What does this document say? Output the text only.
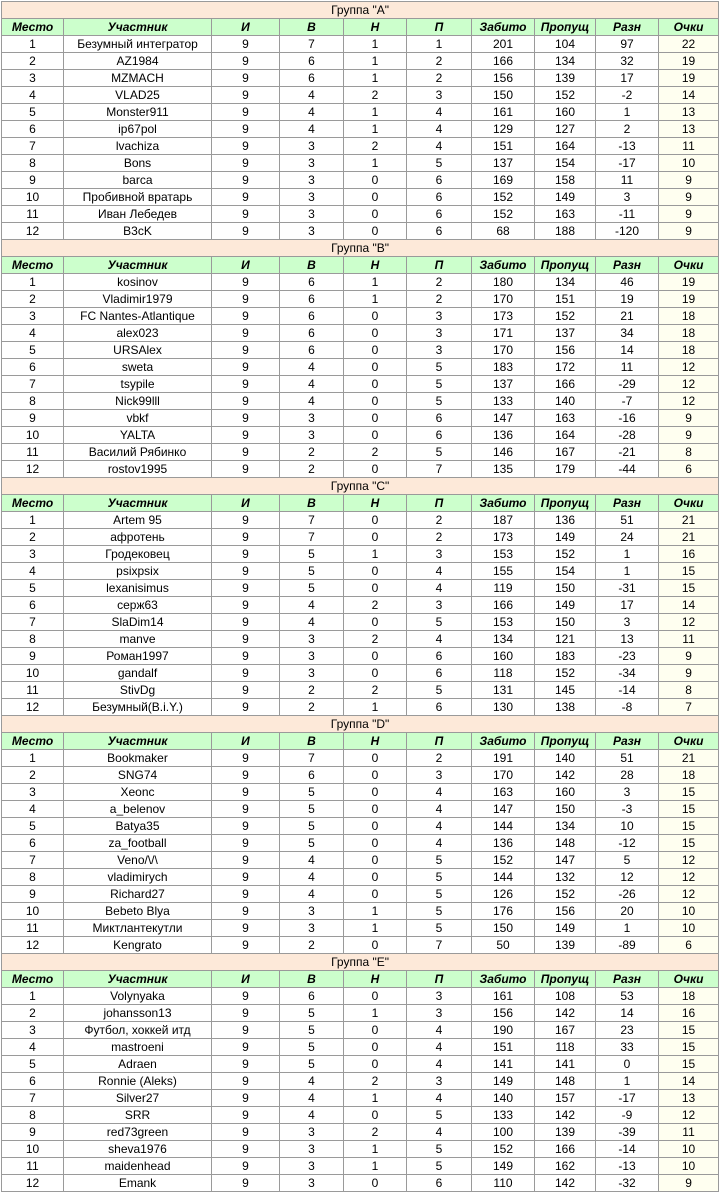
Группа "A"									
Место	Участник	И	В	Н	П	Забито	Пропущ	Разн	Очки
1	Безумный интегратор	9	7	1	1	201	104	97	22
2	AZ1984	9	6	1	2	166	134	32	19
3	MZMACH	9	6	1	2	156	139	17	19
4	VLAD25	9	4	2	3	150	152	-2	14
5	Monster911	9	4	1	4	161	160	1	13
6	ip67pol	9	4	1	4	129	127	2	13
7	lvachiza	9	3	2	4	151	164	-13	11
8	Bons	9	3	1	5	137	154	-17	10
9	barca	9	3	0	6	169	158	11	9
10	Пробивной вратарь	9	3	0	6	152	149	3	9
11	Иван Лебедев	9	3	0	6	152	163	-11	9
12	B3cK	9	3	0	6	68	188	-120	9
Группа "B"									
Место	Участник	И	В	Н	П	Забито	Пропущ	Разн	Очки
1	kosinov	9	6	1	2	180	134	46	19
2	Vladimir1979	9	6	1	2	170	151	19	19
3	FC Nantes-Atlantique	9	6	0	3	173	152	21	18
4	alex023	9	6	0	3	171	137	34	18
5	URSAlex	9	6	0	3	170	156	14	18
6	sweta	9	4	0	5	183	172	11	12
7	tsypile	9	4	0	5	137	166	-29	12
8	Nick99lll	9	4	0	5	133	140	-7	12
9	vbkf	9	3	0	6	147	163	-16	9
10	YALTA	9	3	0	6	136	164	-28	9
11	Василий Рябинко	9	2	2	5	146	167	-21	8
12	rostov1995	9	2	0	7	135	179	-44	6
Группа "C"									
Место	Участник	И	В	Н	П	Забито	Пропущ	Разн	Очки
1	Artem 95	9	7	0	2	187	136	51	21
2	афротень	9	7	0	2	173	149	24	21
3	Гродековец	9	5	1	3	153	152	1	16
4	psixpsix	9	5	0	4	155	154	1	15
5	lexanisimus	9	5	0	4	119	150	-31	15
6	серж63	9	4	2	3	166	149	17	14
7	SlaDim14	9	4	0	5	153	150	3	12
8	manve	9	3	2	4	134	121	13	11
9	Роман1997	9	3	0	6	160	183	-23	9
10	gandalf	9	3	0	6	118	152	-34	9
11	StivDg	9	2	2	5	131	145	-14	8
12	Безумный(B.i.Y.)	9	2	1	6	130	138	-8	7
Группа "D"									
Место	Участник	И	В	Н	П	Забито	Пропущ	Разн	Очки
1	Bookmaker	9	7	0	2	191	140	51	21
2	SNG74	9	6	0	3	170	142	28	18
3	Xeonc	9	5	0	4	163	160	3	15
4	a_belenov	9	5	0	4	147	150	-3	15
5	Batya35	9	5	0	4	144	134	10	15
6	za_football	9	5	0	4	136	148	-12	15
7	Veno/\/\	9	4	0	5	152	147	5	12
8	vladimirych	9	4	0	5	144	132	12	12
9	Richard27	9	4	0	5	126	152	-26	12
10	Bebeto Blya	9	3	1	5	176	156	20	10
11	Миктлантекутли	9	3	1	5	150	149	1	10
12	Kengrato	9	2	0	7	50	139	-89	6
Группа "E"									
Место	Участник	И	В	Н	П	Забито	Пропущ	Разн	Очки
1	Volynyaka	9	6	0	3	161	108	53	18
2	johansson13	9	5	1	3	156	142	14	16
3	Футбол, хоккей итд	9	5	0	4	190	167	23	15
4	mastroeni	9	5	0	4	151	118	33	15
5	Adraen	9	5	0	4	141	141	0	15
6	Ronnie (Aleks)	9	4	2	3	149	148	1	14
7	Silver27	9	4	1	4	140	157	-17	13
8	SRR	9	4	0	5	133	142	-9	12
9	red73green	9	3	2	4	100	139	-39	11
10	sheva1976	9	3	1	5	152	166	-14	10
11	maidenhead	9	3	1	5	149	162	-13	10
12	Emank	9	3	0	6	110	142	-32	9
